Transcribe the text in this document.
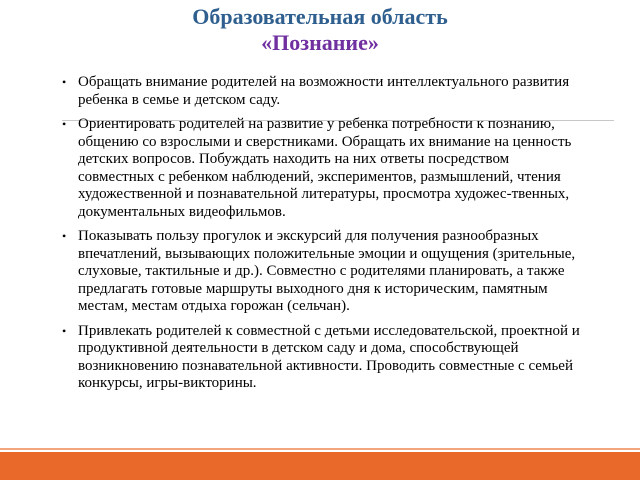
Образовательная область
«Познание»
• Обращать внимание родителей на возможности интеллектуального развития ребенка в семье и детском саду.
• Ориентировать родителей на развитие у ребенка потребности к познанию, общению со взрослыми и сверстниками. Обращать их внимание на ценность детских вопросов. Побуждать находить на них ответы посредством совместных с ребенком наблюдений, экспериментов, размышлений, чтения художественной и познавательной литературы, просмотра художес-твенных, документальных видеофильмов.
• Показывать пользу прогулок и экскурсий для получения разнообразных впечатлений, вызывающих положительные эмоции и ощущения (зрительные, слуховые, тактильные и др.). Совместно с родителями планировать, а также предлагать готовые маршруты выходного дня к историческим, памятным местам, местам отдыха горожан (сельчан).
• Привлекать родителей к совместной с детьми исследовательской, проектной и продуктивной деятельности в детском саду и дома, способствующей возникновению познавательной активности. Проводить совместные с семьей конкурсы, игры-викторины.
